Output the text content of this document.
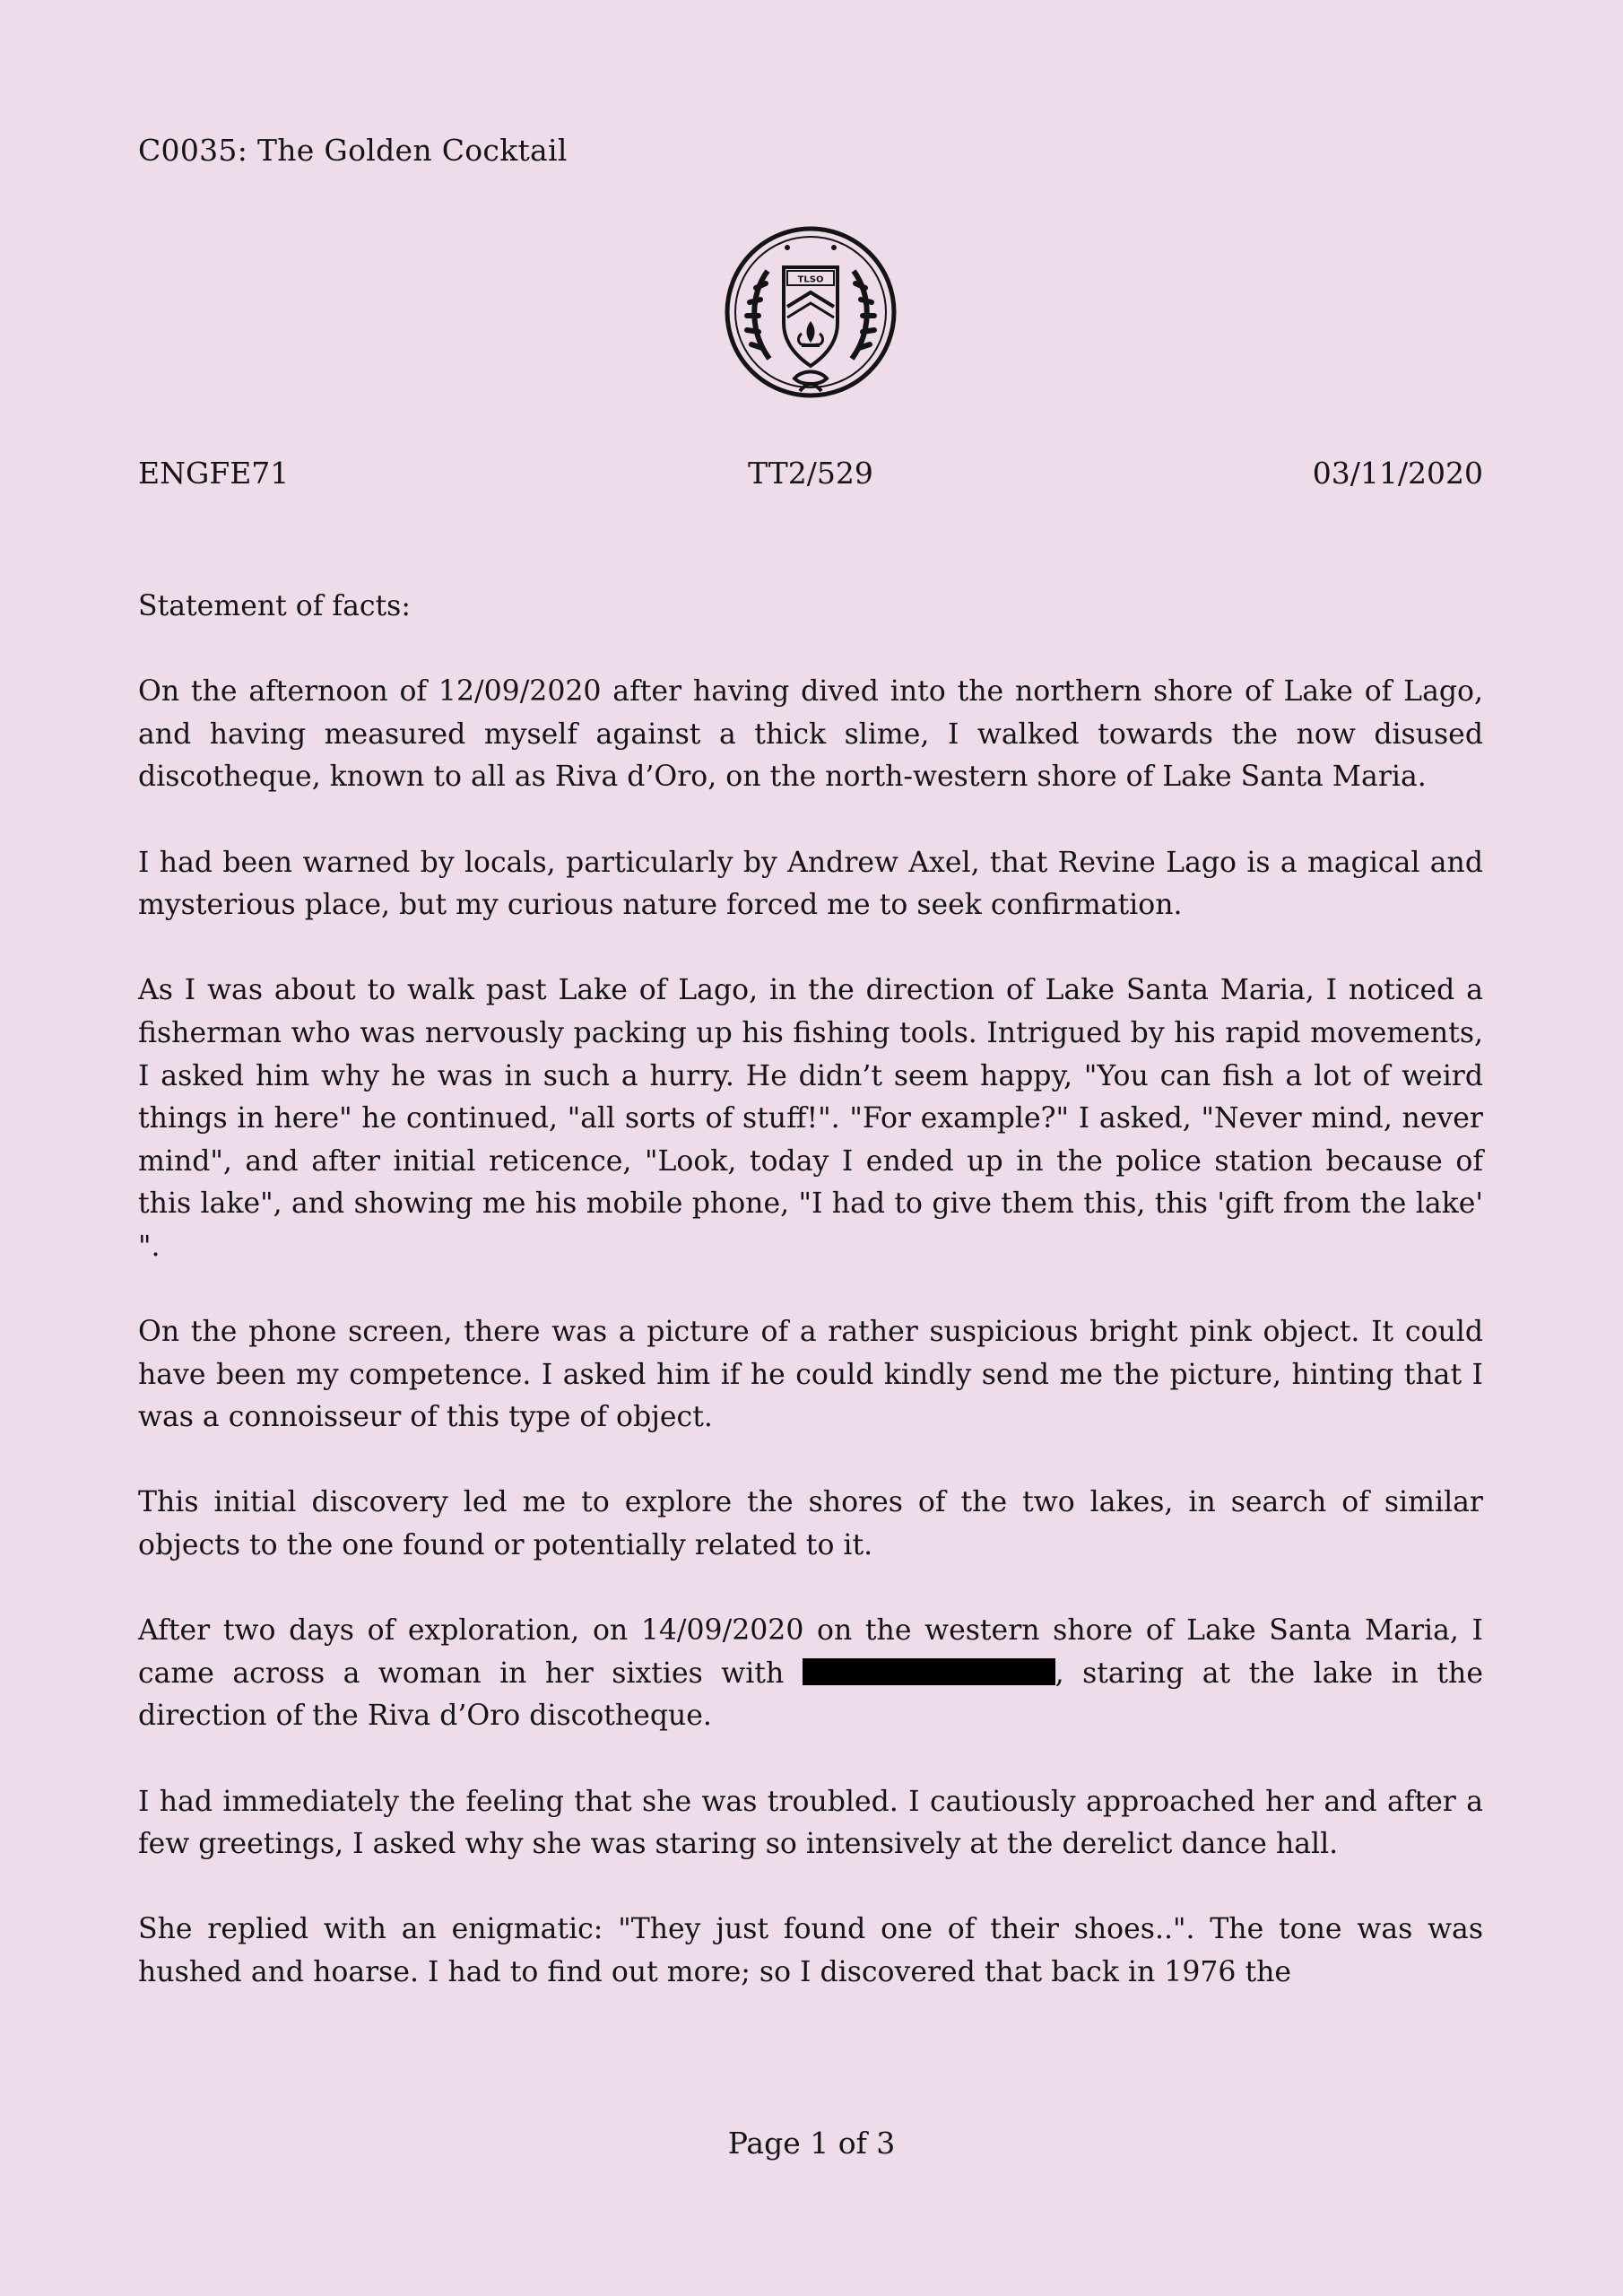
C0035: The Golden Cocktail
TLSO
ENGFE71	TT2/529	03/11/2020

Statement of facts:

On the afternoon of 12/09/2020 after having dived into the northern shore of Lake of Lago, and having measured myself against a thick slime, I walked towards the now disused discotheque, known to all as Riva d’Oro, on the north-western shore of Lake Santa Maria.

I had been warned by locals, particularly by Andrew Axel, that Revine Lago is a magical and mysterious place, but my curious nature forced me to seek confirmation.

As I was about to walk past Lake of Lago, in the direction of Lake Santa Maria, I noticed a fisherman who was nervously packing up his fishing tools. Intrigued by his rapid movements, I asked him why he was in such a hurry. He didn’t seem happy, "You can fish a lot of weird things in here" he continued, "all sorts of stuff!". "For example?" I asked, "Never mind, never mind", and after initial reticence, "Look, today I ended up in the police station because of this lake", and showing me his mobile phone, "I had to give them this, this 'gift from the lake' ".

On the phone screen, there was a picture of a rather suspicious bright pink object. It could have been my competence. I asked him if he could kindly send me the picture, hinting that I was a connoisseur of this type of object.

This initial discovery led me to explore the shores of the two lakes, in search of similar objects to the one found or potentially related to it.

After two days of exploration, on 14/09/2020 on the western shore of Lake Santa Maria, I came across a woman in her sixties with	, staring at the lake in the direction of the Riva d’Oro discotheque.

I had immediately the feeling that she was troubled. I cautiously approached her and after a few greetings, I asked why she was staring so intensively at the derelict dance hall.

She replied with an enigmatic: "They just found one of their shoes..". The tone was was hushed and hoarse. I had to find out more; so I discovered that back in 1976 the

Page 1 of 3
